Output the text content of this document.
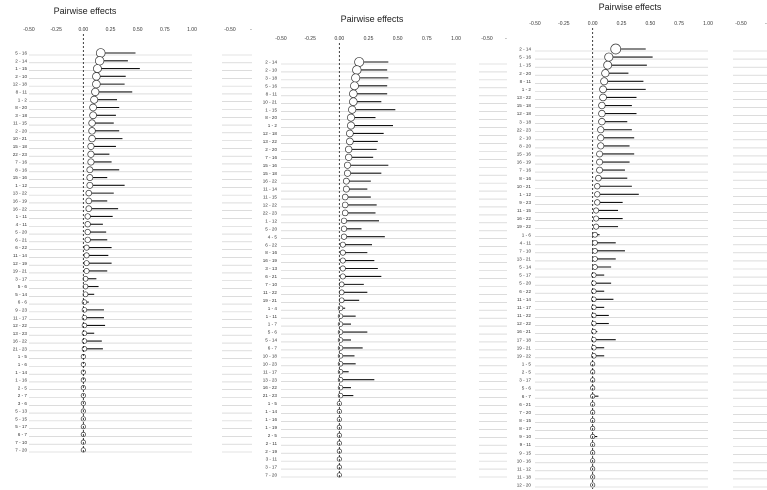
Pairwise effects
-0.50	-0.25	0.00	0.25	0.50	0.75	1.00	-0.50	-
5 - 16
2 - 14
1 - 15
2 - 10
12 - 18
8 - 11
1 - 2
8 - 20
3 - 18
11 - 15
2 - 20
10 - 21
15 - 18
22 - 23
7 - 16
8 - 16
15 - 16
1 - 12
13 - 22
16 - 19
16 - 22
1 - 11
4 - 11
5 - 20
6 - 21
6 - 22
11 - 14
12 - 19
19 - 21
3 - 17
5 - 6
5 - 14
6 - 6
9 - 23
11 - 17
12 - 22
13 - 23
16 - 22
21 - 23
1 - 5
1 - 6
1 - 14
1 - 16
2 - 5
2 - 7
3 - 6
5 - 13
5 - 15
5 - 17
6 - 7
7 - 10
7 - 20
Pairwise effects
-0.50	-0.25	0.00	0.25	0.50	0.75	1.00	-0.50 -
2 - 14
2 - 10
3 - 18
5 - 16
8 - 11
10 - 21
1 - 15
8 - 20
1 - 2
12 - 18
13 - 22
2 - 20
7 - 16
15 - 16
15 - 18
16 - 22
11 - 14
11 - 15
12 - 22
22 - 23
1 - 12
5 - 20
4 - 5
6 - 22
8 - 16
16 - 19
3 - 13
6 - 21
7 - 10
11 - 22
19 - 21
1 - 4
1 - 11
1 - 7
5 - 6
5 - 14
6 - 7
10 - 18
10 - 23
11 - 17
13 - 23
16 - 22
21 - 23
1 - 5
1 - 14
1 - 16
1 - 19
2 - 5
2 - 11
2 - 19
3 - 11
3 - 17
7 - 20
Pairwise effects
-0.50	-0.25	0.00	0.25	0.50	0.75	1.00	-0.50	-
2 - 14
5 - 16
1 - 15
2 - 20
8 - 11
1 - 2
13 - 22
15 - 18
12 - 18
3 - 18
22 - 23
2 - 10
8 - 20
15 - 16
16 - 19
7 - 16
8 - 16
10 - 21
1 - 12
9 - 23
11 - 15
16 - 22
19 - 22
1 - 6
4 - 11
7 - 10
13 - 21
5 - 14
5 - 17
5 - 20
6 - 22
11 - 14
11 - 17
11 - 22
12 - 22
16 - 21
17 - 18
19 - 21
19 - 22
1 - 5
2 - 5
3 - 17
5 - 6
6 - 7
6 - 21
7 - 20
8 - 15
8 - 17
9 - 10
9 - 11
9 - 15
10 - 16
11 - 12
11 - 18
12 - 20
